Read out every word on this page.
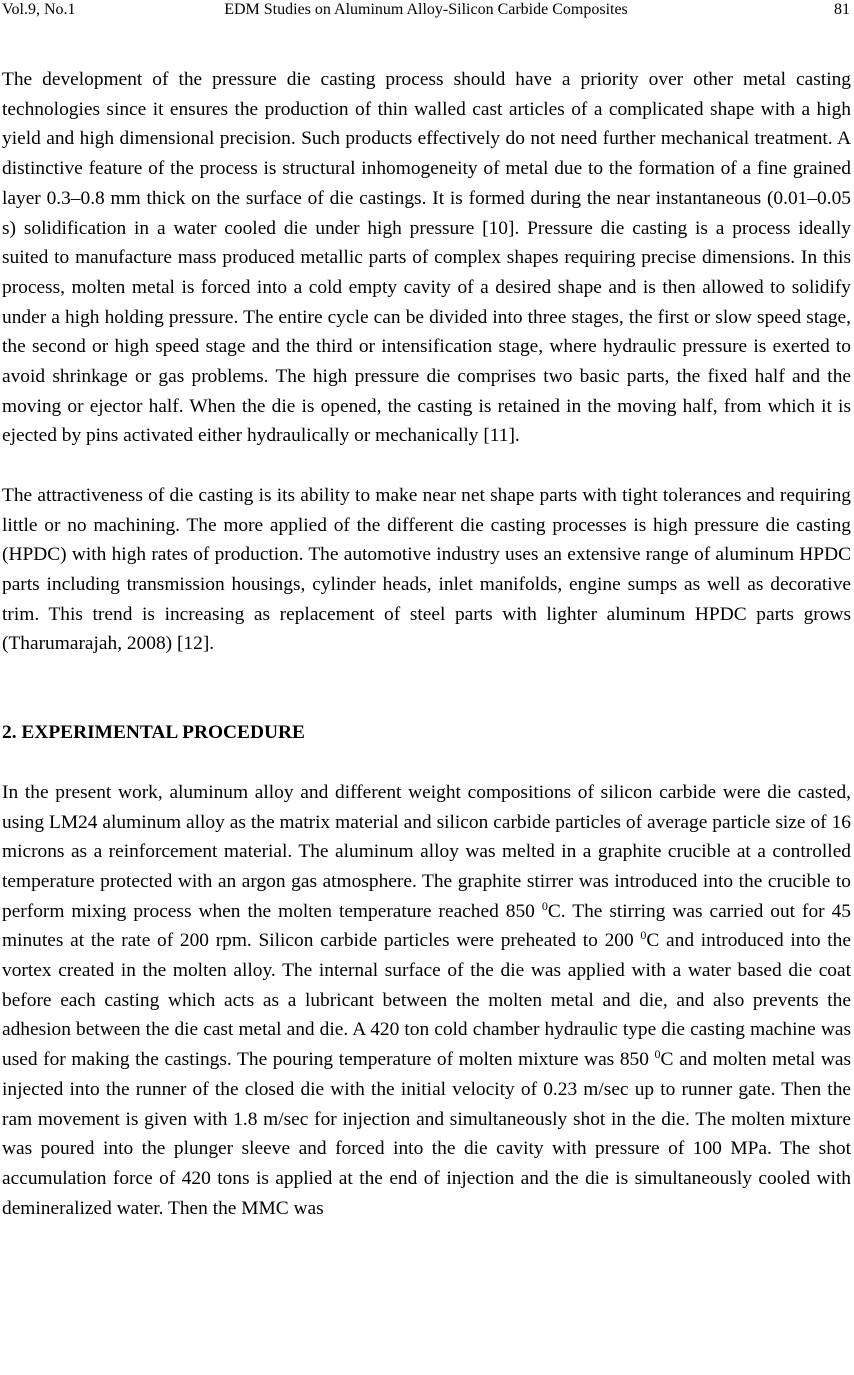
Vol.9, No.1	EDM Studies on Aluminum Alloy-Silicon Carbide Composites	81

The development of the pressure die casting process should have a priority over other metal casting technologies since it ensures the production of thin walled cast articles of a complicated shape with a high yield and high dimensional precision. Such products effectively do not need further mechanical treatment. A distinctive feature of the process is structural inhomogeneity of metal due to the formation of a fine grained layer 0.3–0.8 mm thick on the surface of die castings. It is formed during the near instantaneous (0.01–0.05 s) solidification in a water cooled die under high pressure [10]. Pressure die casting is a process ideally suited to manufacture mass produced metallic parts of complex shapes requiring precise dimensions. In this process, molten metal is forced into a cold empty cavity of a desired shape and is then allowed to solidify under a high holding pressure. The entire cycle can be divided into three stages, the first or slow speed stage, the second or high speed stage and the third or intensification stage, where hydraulic pressure is exerted to avoid shrinkage or gas problems. The high pressure die comprises two basic parts, the fixed half and the moving or ejector half. When the die is opened, the casting is retained in the moving half, from which it is ejected by pins activated either hydraulically or mechanically [11].

The attractiveness of die casting is its ability to make near net shape parts with tight tolerances and requiring little or no machining. The more applied of the different die casting processes is high pressure die casting (HPDC) with high rates of production. The automotive industry uses an extensive range of aluminum HPDC parts including transmission housings, cylinder heads, inlet manifolds, engine sumps as well as decorative trim. This trend is increasing as replacement of steel parts with lighter aluminum HPDC parts grows (Tharumarajah, 2008) [12].

2. EXPERIMENTAL PROCEDURE

In the present work, aluminum alloy and different weight compositions of silicon carbide were die casted, using LM24 aluminum alloy as the matrix material and silicon carbide particles of average particle size of 16 microns as a reinforcement material. The aluminum alloy was melted in a graphite crucible at a controlled temperature protected with an argon gas atmosphere. The graphite stirrer was introduced into the crucible to perform mixing process when the molten temperature reached 850 $^0$C. The stirring was carried out for 45 minutes at the rate of 200 rpm. Silicon carbide particles were preheated to 200 $^0$C and introduced into the vortex created in the molten alloy. The internal surface of the die was applied with a water based die coat before each casting which acts as a lubricant between the molten metal and die, and also prevents the adhesion between the die cast metal and die. A 420 ton cold chamber hydraulic type die casting machine was used for making the castings. The pouring temperature of molten mixture was 850 $^0$C and molten metal was injected into the runner of the closed die with the initial velocity of 0.23 m/sec up to runner gate. Then the ram movement is given with 1.8 m/sec for injection and simultaneously shot in the die. The molten mixture was poured into the plunger sleeve and forced into the die cavity with pressure of 100 MPa. The shot accumulation force of 420 tons is applied at the end of injection and the die is simultaneously cooled with demineralized water. Then the MMC was
